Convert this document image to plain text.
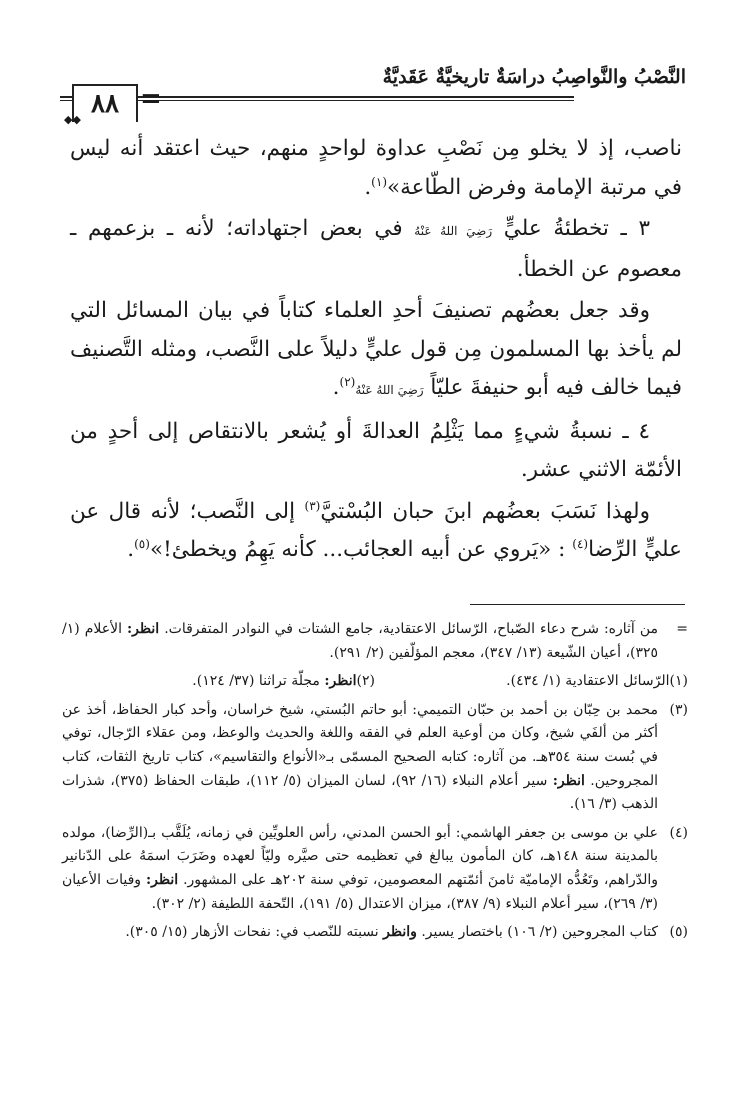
النَّصْبُ والنَّواصِبُ دراسَةٌ تاريخيَّةٌ عَقَديَّةٌ
=
٨٨
◆◆

ناصب، إذ لا يخلو مِن نَصْبِ عداوة لواحدٍ منهم، حيث اعتقد أنه ليس في مرتبة الإمامة وفرض الطّاعة»$^{(١)}$.

٣ ـ تخطئةُ عليٍّ رَضِيَ اللهُ عَنْهُ في بعض اجتهاداته؛ لأنه ـ بزعمهم ـ معصوم عن الخطأ.

وقد جعل بعضُهم تصنيفَ أحدِ العلماء كتاباً في بيان المسائل التي لم يأخذ بها المسلمون مِن قول عليٍّ دليلاً على النَّصب، ومثله التَّصنيف فيما خالف فيه أبو حنيفةَ عليّاً رَضِيَ اللهُ عَنْهُ$^{(٢)}$.

٤ ـ نسبةُ شيءٍ مما يَثْلِمُ العدالةَ أو يُشعر بالانتقاص إلى أحدٍ من الأئمّة الاثني عشر.

ولهذا نَسَبَ بعضُهم ابنَ حبان البُسْتيَّ$^{(٣)}$ إلى النَّصب؛ لأنه قال عن عليٍّ الرِّضا$^{(٤)}$ : «يَروي عن أبيه العجائب... كأنه يَهِمُ ويخطئ!»$^{(٥)}$.

=
من آثاره: شرح دعاء الصّباح، الرّسائل الاعتقادية، جامع الشتات في النوادر المتفرقات. انظر: الأعلام (١/ ٣٢٥)، أعيان الشّيعة (١٣/ ٣٤٧)، معجم المؤلّفين (٢/ ٢٩١).
(١)
الرّسائل الاعتقادية (١/ ٤٣٤).
(٢)
انظر: مجلّة تراثنا (٣٧/ ١٢٤).
(٣)
محمد بن حِبّان بن أحمد بن حبّان التميمي: أبو حاتم البُستي، شيخ خراسان، وأحد كبار الحفاظ، أخذ عن أكثر من ألفَي شيخ، وكان من أوعية العلم في الفقه واللغة والحديث والوعظ، ومن عقلاء الرّجال، توفي في بُست سنة ٣٥٤هـ. من آثاره: كتابه الصحيح المسمّى بـ«الأنواع والتقاسيم»، كتاب تاريخ الثقات، كتاب المجروحين. انظر: سير أعلام النبلاء (١٦/ ٩٢)، لسان الميزان (٥/ ١١٢)، طبقات الحفاظ (٣٧٥)، شذرات الذهب (٣/ ١٦).
(٤)
علي بن موسى بن جعفر الهاشمي: أبو الحسن المدني، رأس العلويِّين في زمانه، يُلَقَّب بـ(الرِّضا)، مولده بالمدينة سنة ١٤٨هـ، كان المأمون يبالغ في تعظيمه حتى صيَّره وليّاً لعهده وضَرَبَ اسمَهُ على الدّنانير والدّراهم، وتَعُدُّه الإماميّة ثامنَ أئمّتهم المعصومين، توفي سنة ٢٠٢هـ على المشهور. انظر: وفيات الأعيان (٣/ ٢٦٩)، سير أعلام النبلاء (٩/ ٣٨٧)، ميزان الاعتدال (٥/ ١٩١)، التّحفة اللطيفة (٢/ ٣٠٢).
(٥)
كتاب المجروحين (٢/ ١٠٦) باختصار يسير. وانظر نسبته للنّصب في: نفحات الأزهار (١٥/ ٣٠٥).
